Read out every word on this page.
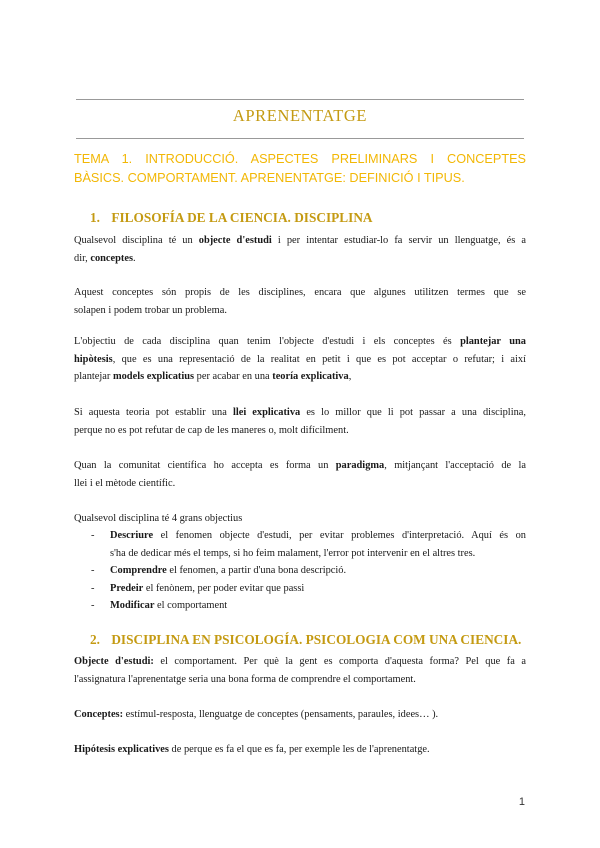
APRENENTATGE

TEMA 1. INTRODUCCIÓ. ASPECTES PRELIMINARS I CONCEPTES
BÀSICS. COMPORTAMENT. APRENENTATGE: DEFINICIÓ I TIPUS.

1. FILOSOFÍA DE LA CIENCIA. DISCIPLINA

Qualsevol disciplina té un objecte d'estudi i per intentar estudiar-lo fa servir un llenguatge, és a
dir, conceptes.

Aquest conceptes són propis de les disciplines, encara que algunes utilitzen termes que se
solapen i podem trobar un problema.

L'objectiu de cada disciplina quan tenim l'objecte d'estudi i els conceptes és plantejar una
hipòtesis, que es una representació de la realitat en petit i que es pot acceptar o refutar; i així
plantejar models explicatius per acabar en una teoría explicativa,

Si aquesta teoria pot establir una llei explicativa es lo millor que li pot passar a una disciplina,
perque no es pot refutar de cap de les maneres o, molt difícilment.

Quan la comunitat científica ho accepta es forma un paradigma, mitjançant l'acceptació de la
llei i el mètode científic.

Qualsevol disciplina té 4 grans objectius

- Descriure el fenomen objecte d'estudi, per evitar problemes d'interpretació. Aquí és on
s'ha de dedicar més el temps, si ho feim malament, l'error pot intervenir en el altres tres.
- Comprendre el fenomen, a partir d'una bona descripció.
- Predeir el fenònem, per poder evitar que passi
- Modificar el comportament
2. DISCIPLINA EN PSICOLOGÍA. PSICOLOGIA COM UNA CIENCIA.

Objecte d'estudi: el comportament. Per què la gent es comporta d'aquesta forma? Pel que fa a
l'assignatura l'aprenentatge seria una bona forma de comprendre el comportament.

Conceptes: estímul-resposta, llenguatge de conceptes (pensaments, paraules, idees… ).

Hipótesis explicatives de perque es fa el que es fa, per exemple les de l'aprenentatge.

1
